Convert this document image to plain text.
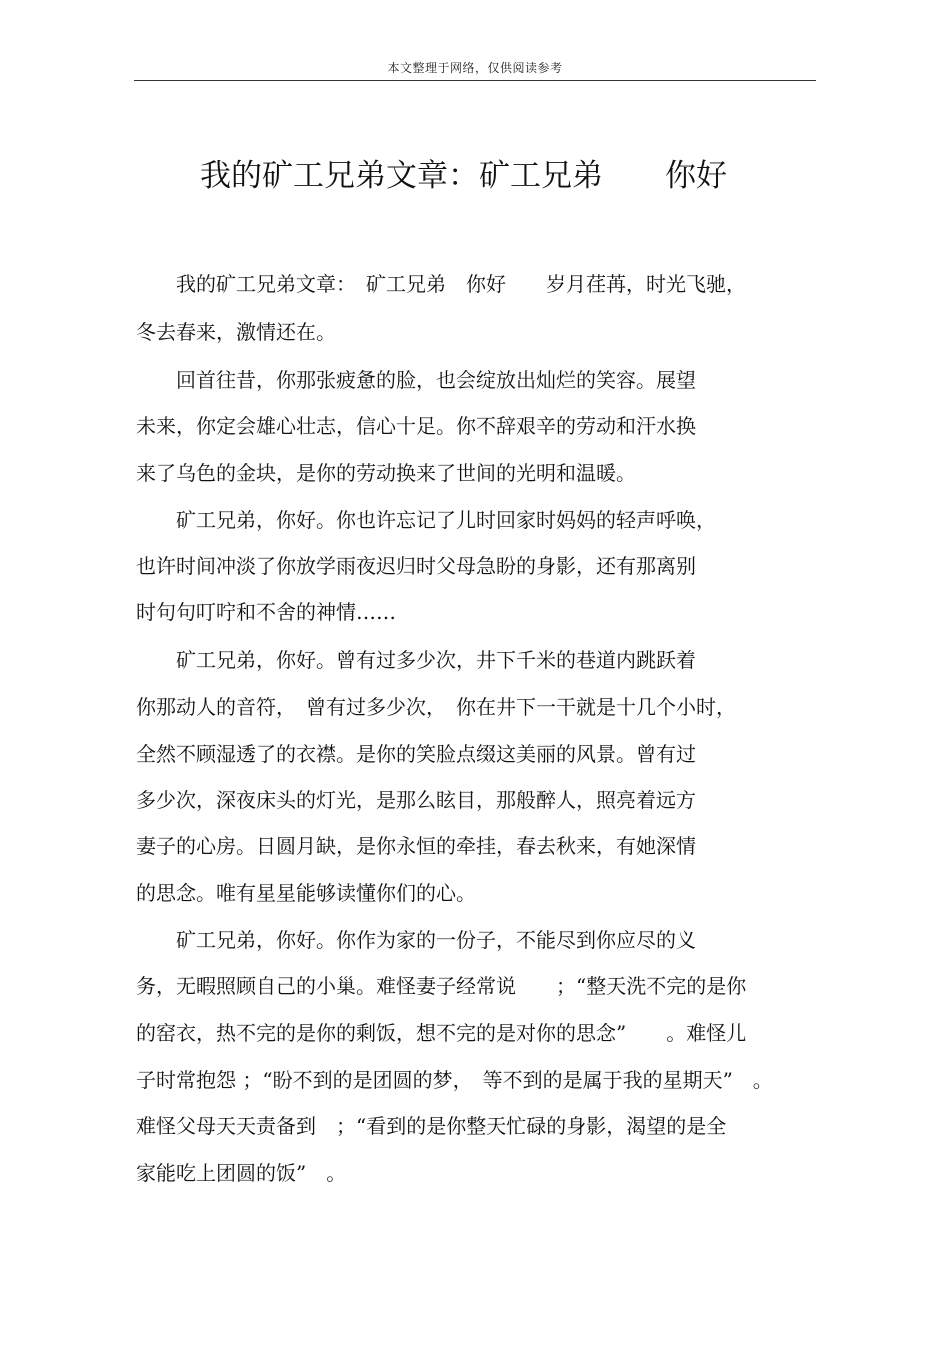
本文整理于网络，仅供阅读参考
我的矿工兄弟文章：矿工兄弟　　你好
　　我的矿工兄弟文章：　矿工兄弟　你好　　岁月荏苒，时光飞驰，
冬去春来，激情还在。
　　回首往昔，你那张疲惫的脸，也会绽放出灿烂的笑容。展望
未来，你定会雄心壮志，信心十足。你不辞艰辛的劳动和汗水换
来了乌色的金块，是你的劳动换来了世间的光明和温暖。
　　矿工兄弟，你好。你也许忘记了儿时回家时妈妈的轻声呼唤，
也许时间冲淡了你放学雨夜迟归时父母急盼的身影，还有那离别
时句句叮咛和不舍的神情……
　　矿工兄弟，你好。曾有过多少次，井下千米的巷道内跳跃着
你那动人的音符，　曾有过多少次，　你在井下一干就是十几个小时，
全然不顾湿透了的衣襟。是你的笑脸点缀这美丽的风景。曾有过
多少次，深夜床头的灯光，是那么眩目，那般醉人，照亮着远方
妻子的心房。日圆月缺，是你永恒的牵挂，春去秋来，有她深情
的思念。唯有星星能够读懂你们的心。
　　矿工兄弟，你好。你作为家的一份子，不能尽到你应尽的义
务，无暇照顾自己的小巢。难怪妻子经常说　　；“整天洗不完的是你
的窑衣，热不完的是你的剩饭，想不完的是对你的思念”　　。难怪儿
子时常抱怨 ；“盼不到的是团圆的梦，　等不到的是属于我的星期天”　。
难怪父母天天责备到　；“看到的是你整天忙碌的身影，渴望的是全
家能吃上团圆的饭”　。
